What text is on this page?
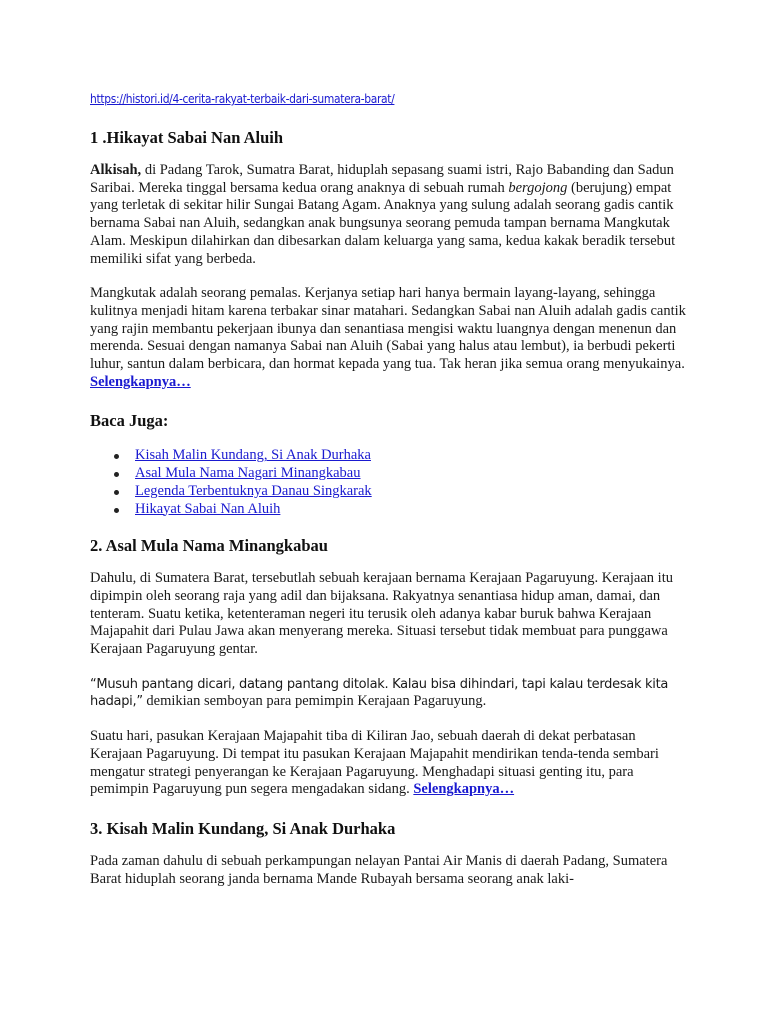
https://histori.id/4-cerita-rakyat-terbaik-dari-sumatera-barat/
1 .Hikayat Sabai Nan Aluih

Alkisah, di Padang Tarok, Sumatra Barat, hiduplah sepasang suami istri, Rajo Babanding dan Sadun Saribai. Mereka tinggal bersama kedua orang anaknya di sebuah rumah bergojong (berujung) empat yang terletak di sekitar hilir Sungai Batang Agam. Anaknya yang sulung adalah seorang gadis cantik bernama Sabai nan Aluih, sedangkan anak bungsunya seorang pemuda tampan bernama Mangkutak Alam. Meskipun dilahirkan dan dibesarkan dalam keluarga yang sama, kedua kakak beradik tersebut memiliki sifat yang berbeda.

Mangkutak adalah seorang pemalas. Kerjanya setiap hari hanya bermain layang-layang, sehingga kulitnya menjadi hitam karena terbakar sinar matahari. Sedangkan Sabai nan Aluih adalah gadis cantik yang rajin membantu pekerjaan ibunya dan senantiasa mengisi waktu luangnya dengan menenun dan merenda. Sesuai dengan namanya Sabai nan Aluih (Sabai yang halus atau lembut), ia berbudi pekerti luhur, santun dalam berbicara, dan hormat kepada yang tua. Tak heran jika semua orang menyukainya. Selengkapnya…

Baca Juga:
Kisah Malin Kundang, Si Anak Durhaka
Asal Mula Nama Nagari Minangkabau
Legenda Terbentuknya Danau Singkarak
Hikayat Sabai Nan Aluih
2. Asal Mula Nama Minangkabau

Dahulu, di Sumatera Barat, tersebutlah sebuah kerajaan bernama Kerajaan Pagaruyung. Kerajaan itu dipimpin oleh seorang raja yang adil dan bijaksana. Rakyatnya senantiasa hidup aman, damai, dan tenteram. Suatu ketika, ketenteraman negeri itu terusik oleh adanya kabar buruk bahwa Kerajaan Majapahit dari Pulau Jawa akan menyerang mereka. Situasi tersebut tidak membuat para punggawa Kerajaan Pagaruyung gentar.

“Musuh pantang dicari, datang pantang ditolak. Kalau bisa dihindari, tapi kalau terdesak kita hadapi,” demikian semboyan para pemimpin Kerajaan Pagaruyung.

Suatu hari, pasukan Kerajaan Majapahit tiba di Kiliran Jao, sebuah daerah di dekat perbatasan Kerajaan Pagaruyung. Di tempat itu pasukan Kerajaan Majapahit mendirikan tenda-tenda sembari mengatur strategi penyerangan ke Kerajaan Pagaruyung. Menghadapi situasi genting itu, para pemimpin Pagaruyung pun segera mengadakan sidang. Selengkapnya…

3. Kisah Malin Kundang, Si Anak Durhaka

Pada zaman dahulu di sebuah perkampungan nelayan Pantai Air Manis di daerah Padang, Sumatera Barat hiduplah seorang janda bernama Mande Rubayah bersama seorang anak laki-
